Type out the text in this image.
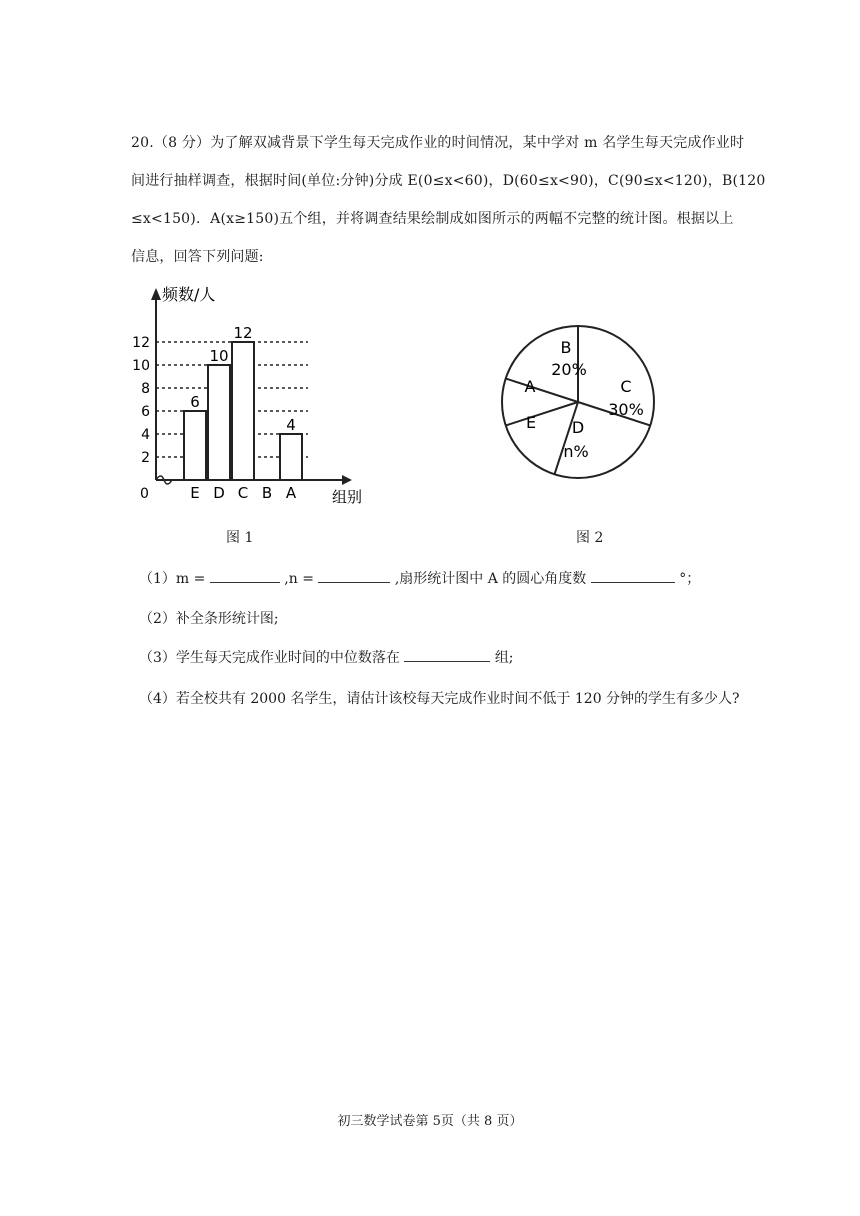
20.（8 分）为了解双减背景下学生每天完成作业的时间情况，某中学对 m 名学生每天完成作业时
间进行抽样调查，根据时间(单位:分钟)分成 E(0≤x<60)，D(60≤x<90)，C(90≤x<120)，B(120
≤x<150)．A(x≥150)五个组，并将调查结果绘制成如图所示的两幅不完整的统计图。根据以上
信息，回答下列问题:
2
4
6
8
10
12
0
频数/人
组别
E
6
D
10
C
12
B A
4
B
20%
C
30%
D
n%
E
A
图 1	图 2
（1）m =	,n =	,扇形统计图中 A 的圆心角度数	°；
（2）补全条形统计图;
（3）学生每天完成作业时间的中位数落在	组;
（4）若全校共有 2000 名学生，请估计该校每天完成作业时间不低于 120 分钟的学生有多少人?
初三数学试卷第 5页（共 8 页）
